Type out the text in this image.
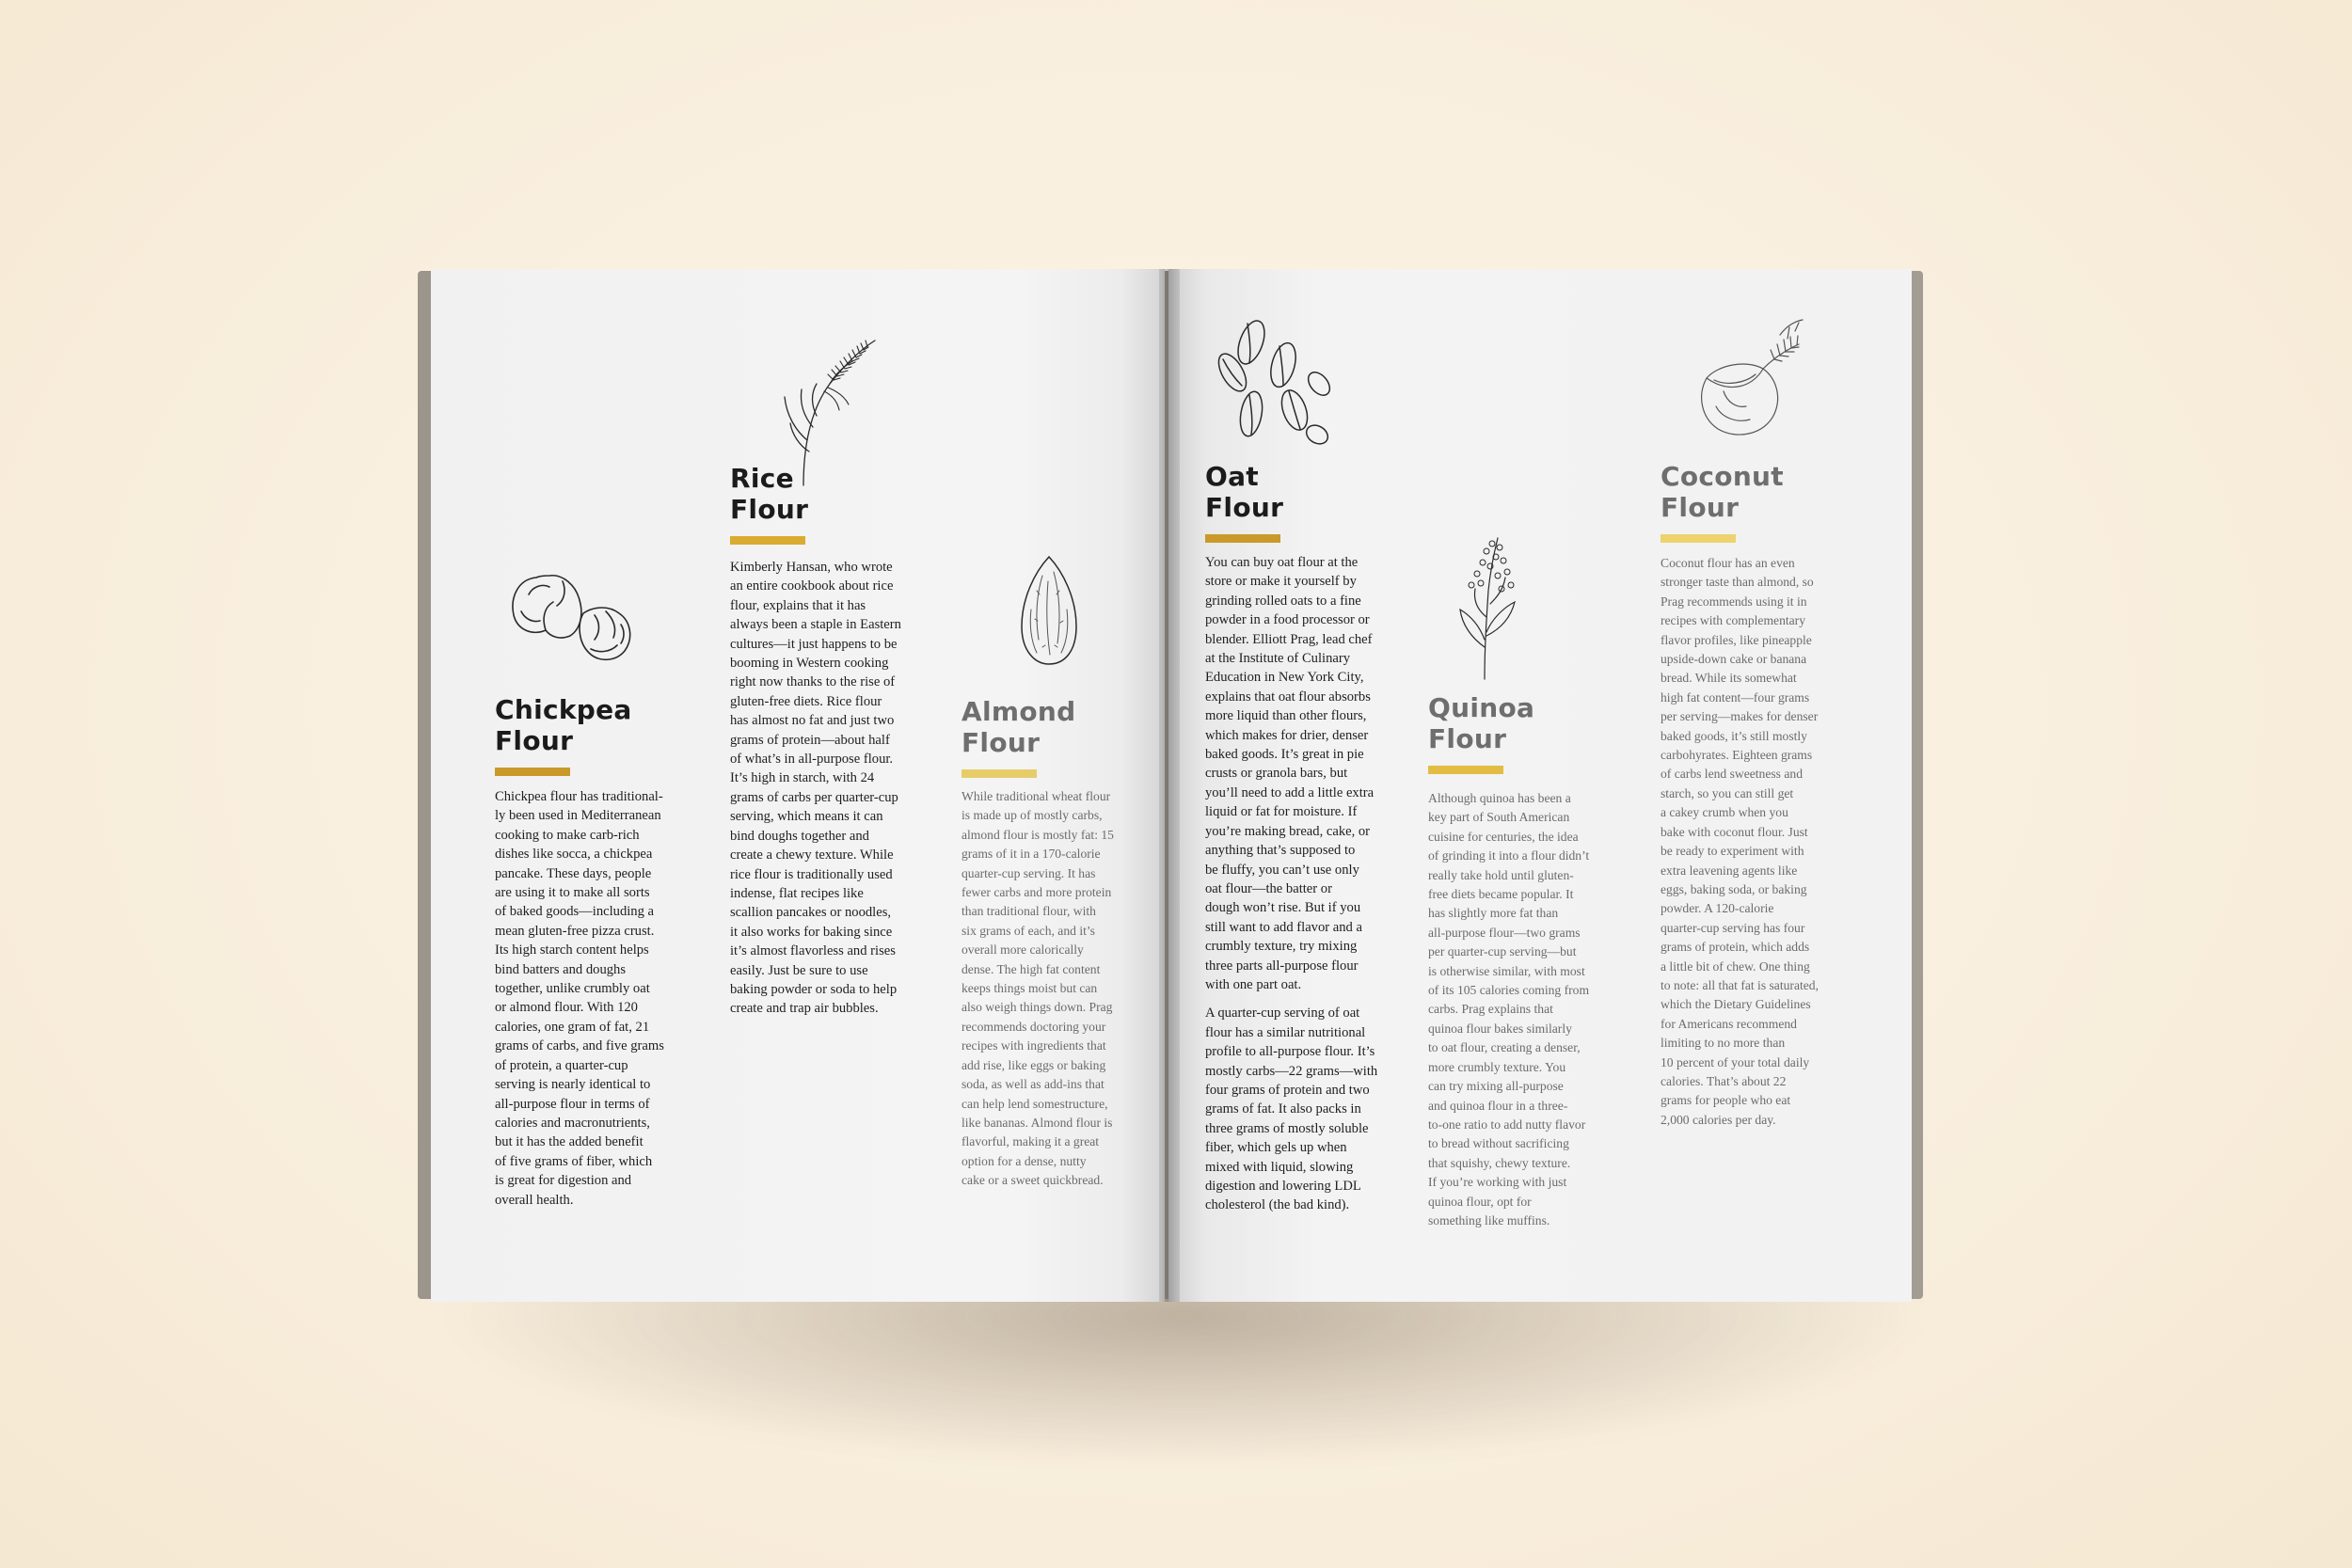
Chickpea
Flour
Chickpea flour has traditional-
ly been used in Mediterranean
cooking to make carb-rich
dishes like socca, a chickpea
pancake. These days, people
are using it to make all sorts
of baked goods—including a
mean gluten-free pizza crust.
Its high starch content helps
bind batters and doughs
together, unlike crumbly oat
or almond flour. With 120
calories, one gram of fat, 21
grams of carbs, and five grams
of protein, a quarter-cup
serving is nearly identical to
all-purpose flour in terms of
calories and macronutrients,
but it has the added benefit
of five grams of fiber, which
is great for digestion and
overall health.
Rice
Flour
Kimberly Hansan, who wrote
an entire cookbook about rice
flour, explains that it has
always been a staple in Eastern
cultures—it just happens to be
booming in Western cooking
right now thanks to the rise of
gluten-free diets. Rice flour
has almost no fat and just two
grams of protein—about half
of what’s in all-purpose flour.
It’s high in starch, with 24
grams of carbs per quarter-cup
serving, which means it can
bind doughs together and
create a chewy texture. While
rice flour is traditionally used
indense, flat recipes like
scallion pancakes or noodles,
it also works for baking since
it’s almost flavorless and rises
easily. Just be sure to use
baking powder or soda to help
create and trap air bubbles.
Almond
Flour
While traditional wheat flour
is made up of mostly carbs,
almond flour is mostly fat: 15
grams of it in a 170-calorie
quarter-cup serving. It has
fewer carbs and more protein
than traditional flour, with
six grams of each, and it’s
overall more calorically
dense. The high fat content
keeps things moist but can
also weigh things down. Prag
recommends doctoring your
recipes with ingredients that
add rise, like eggs or baking
soda, as well as add-ins that
can help lend somestructure,
like bananas. Almond flour is
flavorful, making it a great
option for a dense, nutty
cake or a sweet quickbread.
Oat
Flour
You can buy oat flour at the
store or make it yourself by
grinding rolled oats to a fine
powder in a food processor or
blender. Elliott Prag, lead chef
at the Institute of Culinary
Education in New York City,
explains that oat flour absorbs
more liquid than other flours,
which makes for drier, denser
baked goods. It’s great in pie
crusts or granola bars, but
you’ll need to add a little extra
liquid or fat for moisture. If
you’re making bread, cake, or
anything that’s supposed to
be fluffy, you can’t use only
oat flour—the batter or
dough won’t rise. But if you
still want to add flavor and a
crumbly texture, try mixing
three parts all-purpose flour
with one part oat.
A quarter-cup serving of oat
flour has a similar nutritional
profile to all-purpose flour. It’s
mostly carbs—22 grams—with
four grams of protein and two
grams of fat. It also packs in
three grams of mostly soluble
fiber, which gels up when
mixed with liquid, slowing
digestion and lowering LDL
cholesterol (the bad kind).
Quinoa
Flour
Although quinoa has been a
key part of South American
cuisine for centuries, the idea
of grinding it into a flour didn’t
really take hold until gluten-
free diets became popular. It
has slightly more fat than
all-purpose flour—two grams
per quarter-cup serving—but
is otherwise similar, with most
of its 105 calories coming from
carbs. Prag explains that
quinoa flour bakes similarly
to oat flour, creating a denser,
more crumbly texture. You
can try mixing all-purpose
and quinoa flour in a three-
to-one ratio to add nutty flavor
to bread without sacrificing
that squishy, chewy texture.
If you’re working with just
quinoa flour, opt for
something like muffins.
Coconut
Flour
Coconut flour has an even
stronger taste than almond, so
Prag recommends using it in
recipes with complementary
flavor profiles, like pineapple
upside-down cake or banana
bread. While its somewhat
high fat content—four grams
per serving—makes for denser
baked goods, it’s still mostly
carbohyrates. Eighteen grams
of carbs lend sweetness and
starch, so you can still get
a cakey crumb when you
bake with coconut flour. Just
be ready to experiment with
extra leavening agents like
eggs, baking soda, or baking
powder. A 120-calorie
quarter-cup serving has four
grams of protein, which adds
a little bit of chew. One thing
to note: all that fat is saturated,
which the Dietary Guidelines
for Americans recommend
limiting to no more than
10 percent of your total daily
calories. That’s about 22
grams for people who eat
2,000 calories per day.
